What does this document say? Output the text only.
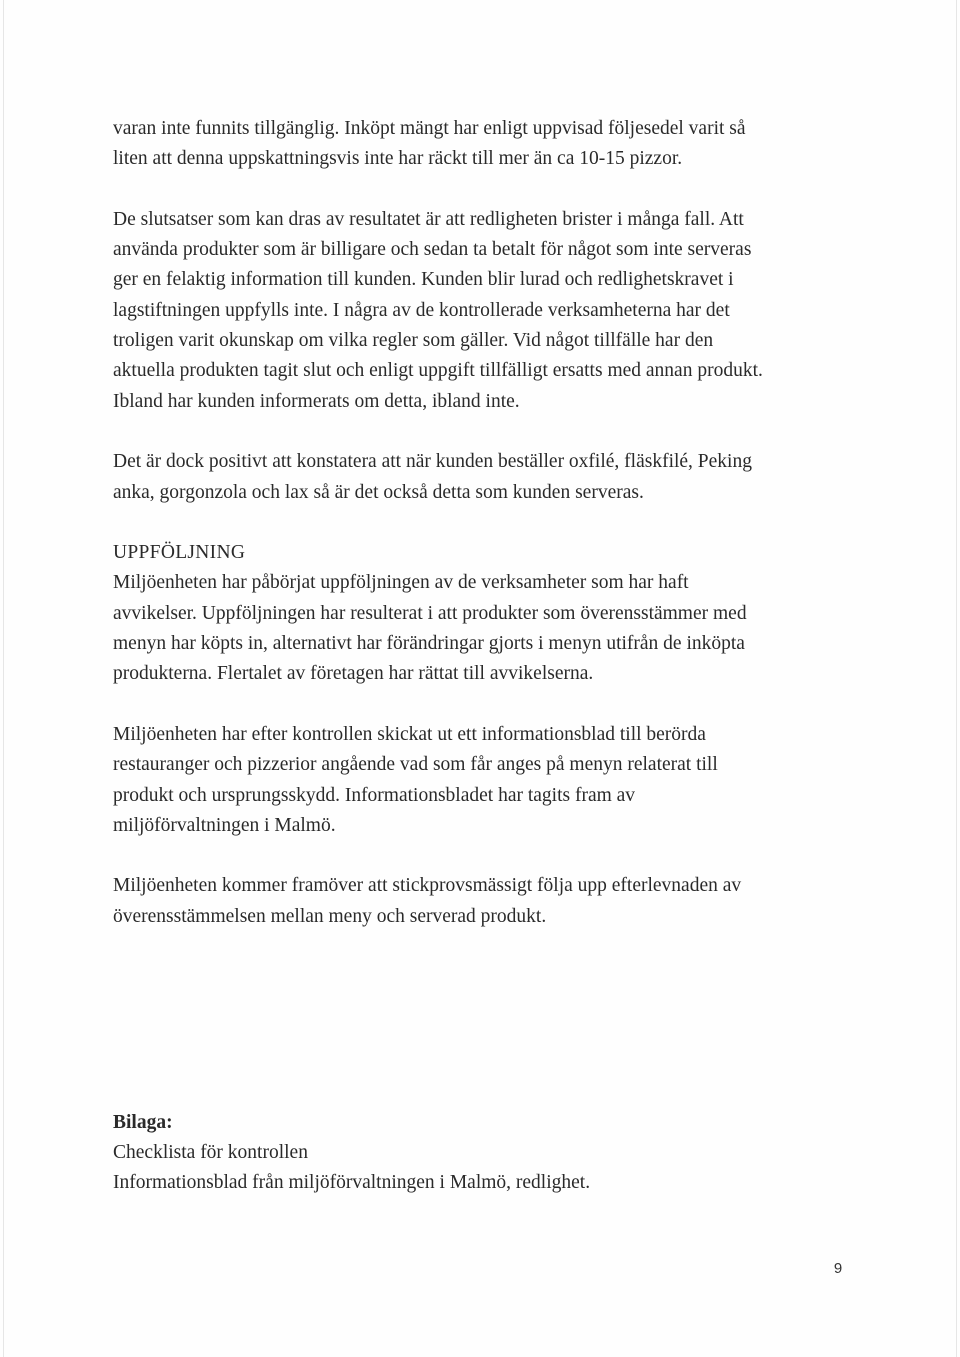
varan inte funnits tillgänglig. Inköpt mängt har enligt uppvisad följesedel varit så
liten att denna uppskattningsvis inte har räckt till mer än ca 10-15 pizzor.

De slutsatser som kan dras av resultatet är att redligheten brister i många fall. Att
använda produkter som är billigare och sedan ta betalt för något som inte serveras
ger en felaktig information till kunden. Kunden blir lurad och redlighetskravet i
lagstiftningen uppfylls inte. I några av de kontrollerade verksamheterna har det
troligen varit okunskap om vilka regler som gäller. Vid något tillfälle har den
aktuella produkten tagit slut och enligt uppgift tillfälligt ersatts med annan produkt.
Ibland har kunden informerats om detta, ibland inte.

Det är dock positivt att konstatera att när kunden beställer oxfilé, fläskfilé, Peking
anka, gorgonzola och lax så är det också detta som kunden serveras.

UPPFÖLJNING
Miljöenheten har påbörjat uppföljningen av de verksamheter som har haft
avvikelser. Uppföljningen har resulterat i att produkter som överensstämmer med
menyn har köpts in, alternativt har förändringar gjorts i menyn utifrån de inköpta
produkterna. Flertalet av företagen har rättat till avvikelserna.

Miljöenheten har efter kontrollen skickat ut ett informationsblad till berörda
restauranger och pizzerior angående vad som får anges på menyn relaterat till
produkt och ursprungsskydd. Informationsbladet har tagits fram av
miljöförvaltningen i Malmö.

Miljöenheten kommer framöver att stickprovsmässigt följa upp efterlevnaden av
överensstämmelsen mellan meny och serverad produkt.

Bilaga:
Checklista för kontrollen
Informationsblad från miljöförvaltningen i Malmö, redlighet.
9
